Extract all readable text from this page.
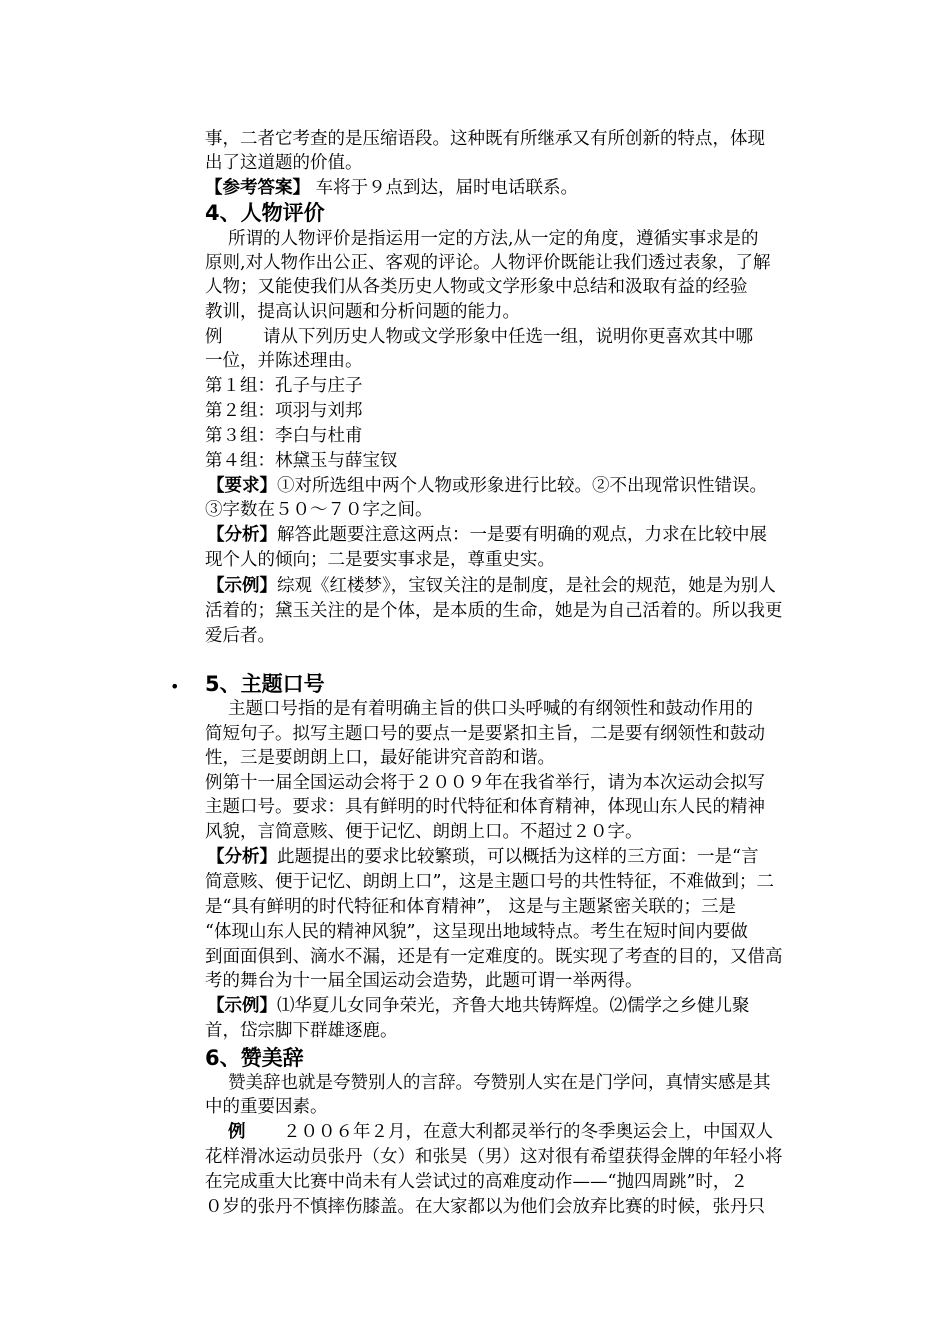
事，二者它考查的是压缩语段。这种既有所继承又有所创新的特点，体现
出了这道题的价值。
【参考答案】 车将于９点到达，届时电话联系。
4、人物评价
所谓的人物评价是指运用一定的方法,从一定的角度，遵循实事求是的
原则,对人物作出公正、客观的评论。人物评价既能让我们透过表象，了解
人物；又能使我们从各类历史人物或文学形象中总结和汲取有益的经验
教训，提高认识问题和分析问题的能力。
例 请从下列历史人物或文学形象中任选一组，说明你更喜欢其中哪
一位，并陈述理由。
第１组：孔子与庄子
第２组：项羽与刘邦
第３组：李白与杜甫
第４组：林黛玉与薛宝钗
【要求】①对所选组中两个人物或形象进行比较。②不出现常识性错误。
③字数在５０～７０字之间。
【分析】解答此题要注意这两点：一是要有明确的观点，力求在比较中展
现个人的倾向；二是要实事求是，尊重史实。
【示例】综观《红楼梦》，宝钗关注的是制度，是社会的规范，她是为别人
活着的；黛玉关注的是个体，是本质的生命，她是为自己活着的。所以我更
爱后者。
• 5、主题口号
主题口号指的是有着明确主旨的供口头呼喊的有纲领性和鼓动作用的
简短句子。拟写主题口号的要点一是要紧扣主旨，二是要有纲领性和鼓动
性，三是要朗朗上口，最好能讲究音韵和谐。
例第十一届全国运动会将于２００９年在我省举行，请为本次运动会拟写
主题口号。要求：具有鲜明的时代特征和体育精神，体现山东人民的精神
风貌，言简意赅、便于记忆、朗朗上口。不超过２０字。
【分析】此题提出的要求比较繁琐，可以概括为这样的三方面：一是“言
简意赅、便于记忆、朗朗上口”，这是主题口号的共性特征，不难做到；二
是“具有鲜明的时代特征和体育精神”， 这是与主题紧密关联的；三是
“体现山东人民的精神风貌”，这呈现出地域特点。考生在短时间内要做
到面面俱到、滴水不漏，还是有一定难度的。既实现了考查的目的，又借高
考的舞台为十一届全国运动会造势，此题可谓一举两得。
【示例】⑴华夏儿女同争荣光，齐鲁大地共铸辉煌。⑵儒学之乡健儿聚
首，岱宗脚下群雄逐鹿。
6、赞美辞
赞美辞也就是夸赞别人的言辞。夸赞别人实在是门学问，真情实感是其
中的重要因素。
例 ２００６年２月，在意大利都灵举行的冬季奥运会上，中国双人
花样滑冰运动员张丹（女）和张昊（男）这对很有希望获得金牌的年轻小将
在完成重大比赛中尚未有人尝试过的高难度动作——“抛四周跳”时，２
０岁的张丹不慎摔伤膝盖。在大家都以为他们会放弃比赛的时候，张丹只
